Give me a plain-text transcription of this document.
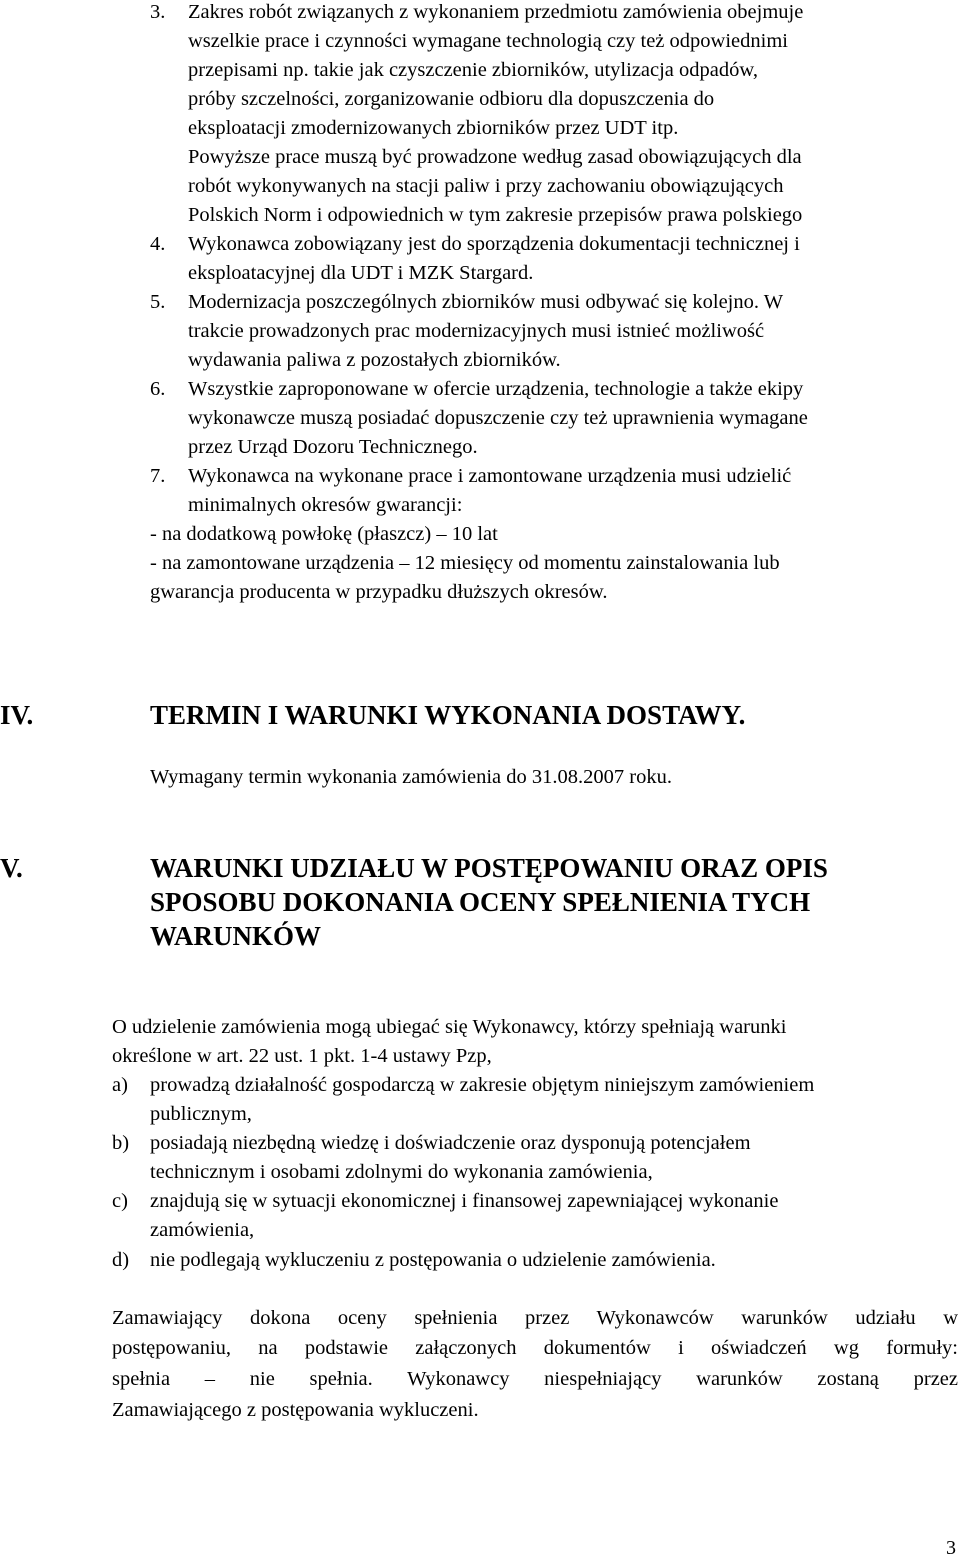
3. Zakres robót związanych z wykonaniem przedmiotu zamówienia obejmuje
wszelkie prace i czynności wymagane technologią czy też odpowiednimi
przepisami np. takie jak czyszczenie zbiorników, utylizacja odpadów,
próby szczelności, zorganizowanie odbioru dla dopuszczenia do
eksploatacji zmodernizowanych zbiorników przez UDT itp.
Powyższe prace muszą być prowadzone według zasad obowiązujących dla
robót wykonywanych na stacji paliw i przy zachowaniu obowiązujących
Polskich Norm i odpowiednich w tym zakresie przepisów prawa polskiego
4. Wykonawca zobowiązany jest do sporządzenia dokumentacji technicznej i
eksploatacyjnej dla UDT i MZK Stargard.
5. Modernizacja poszczególnych zbiorników musi odbywać się kolejno. W
trakcie prowadzonych prac modernizacyjnych musi istnieć możliwość
wydawania paliwa z pozostałych zbiorników.
6. Wszystkie zaproponowane w ofercie urządzenia, technologie a także ekipy
wykonawcze muszą posiadać dopuszczenie czy też uprawnienia wymagane
przez Urząd Dozoru Technicznego.
7. Wykonawca na wykonane prace i zamontowane urządzenia musi udzielić
minimalnych okresów gwarancji:
- na dodatkową powłokę (płaszcz) – 10 lat
- na zamontowane urządzenia – 12 miesięcy od momentu zainstalowania lub
gwarancja producenta w przypadku dłuższych okresów.
IV.	TERMIN I WARUNKI WYKONANIA DOSTAWY.
Wymagany termin wykonania zamówienia do 31.08.2007 roku.
V.	WARUNKI UDZIAŁU W POSTĘPOWANIU ORAZ OPIS
SPOSOBU DOKONANIA OCENY SPEŁNIENIA TYCH
WARUNKÓW
O udzielenie zamówienia mogą ubiegać się Wykonawcy, którzy spełniają warunki
określone w art. 22 ust. 1 pkt. 1-4 ustawy Pzp,
a) prowadzą działalność gospodarczą w zakresie objętym niniejszym zamówieniem
publicznym,
b) posiadają niezbędną wiedzę i doświadczenie oraz dysponują potencjałem
technicznym i osobami zdolnymi do wykonania zamówienia,
c) znajdują się w sytuacji ekonomicznej i finansowej zapewniającej wykonanie
zamówienia,
d) nie podlegają wykluczeniu z postępowania o udzielenie zamówienia.
Zamawiający dokona oceny spełnienia przez Wykonawców warunków udziału w
postępowaniu, na podstawie załączonych dokumentów i oświadczeń wg formuły:
spełnia – nie spełnia. Wykonawcy niespełniający warunków zostaną przez
Zamawiającego z postępowania wykluczeni.
3
